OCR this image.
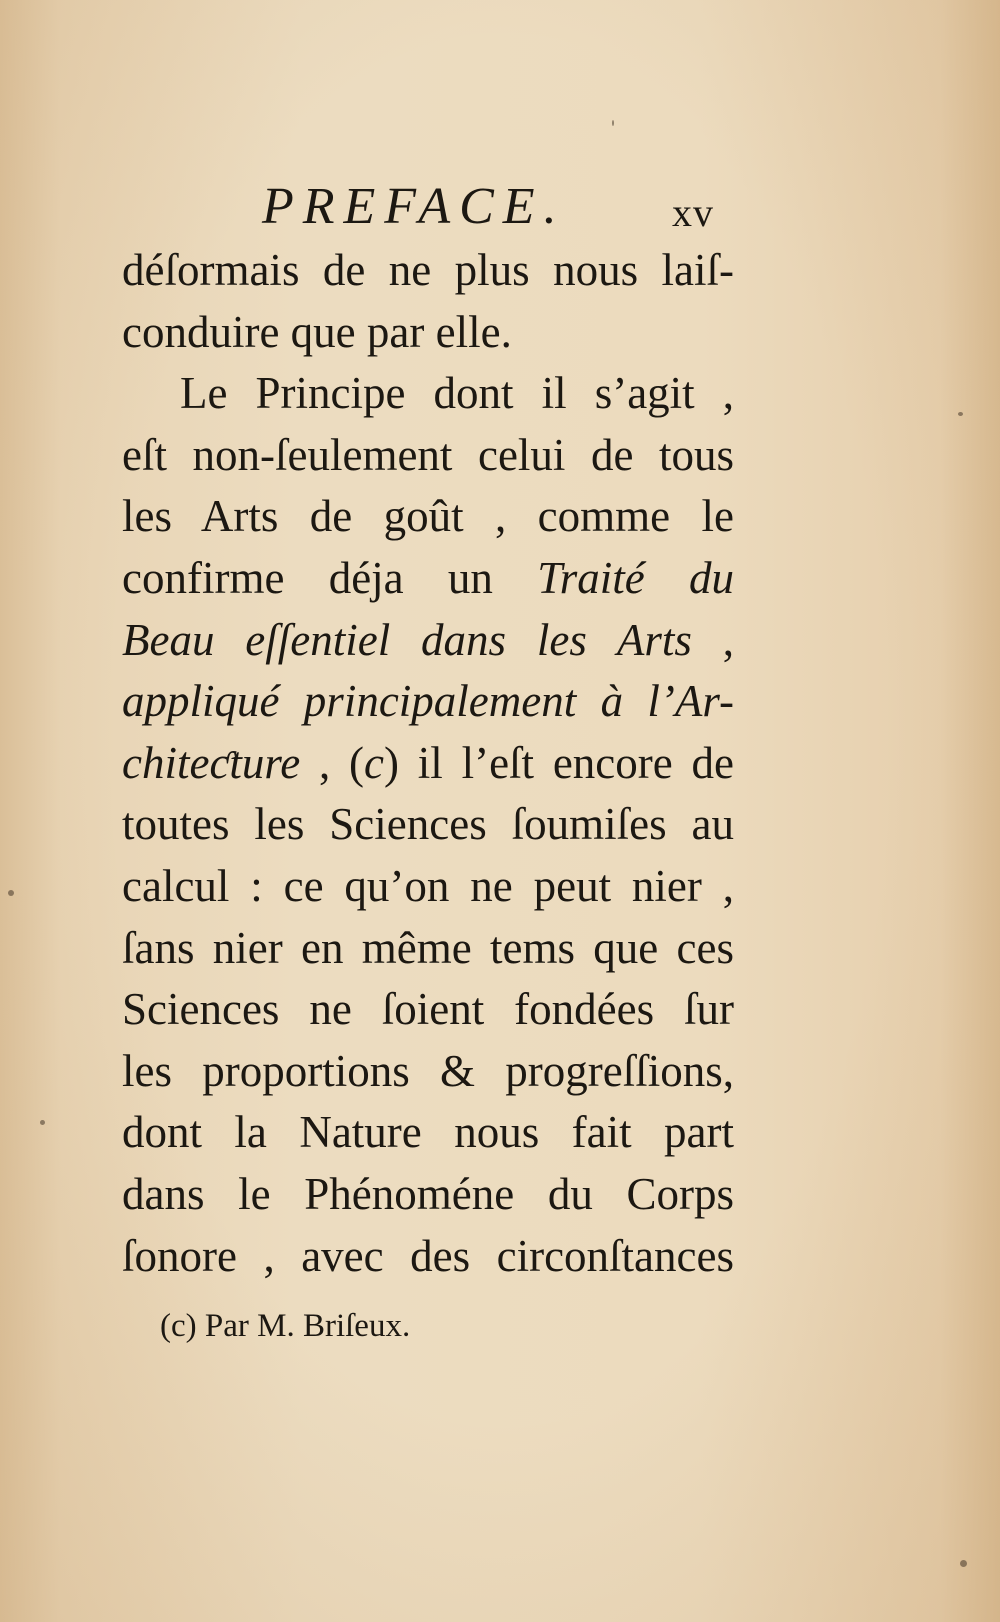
PREFACE.	xv
déſormais de ne plus nous laiſ-
conduire que par elle.
Le Principe dont il s’agit ,
eſt non-ſeulement celui de tous
les Arts de goût , comme le
confirme déja un Traité du
Beau eſſentiel dans les Arts ,
appliqué principalement à l’Ar-
chiteƈture , (c) il l’eſt encore de
toutes les Sciences ſoumiſes au
calcul : ce qu’on ne peut nier ,
ſans nier en même tems que ces
Sciences ne ſoient fondées ſur
les proportions & progreſſions,
dont la Nature nous fait part
dans le Phénoméne du Corps
ſonore , avec des circonſtances
(c) Par M. Briſeux.
